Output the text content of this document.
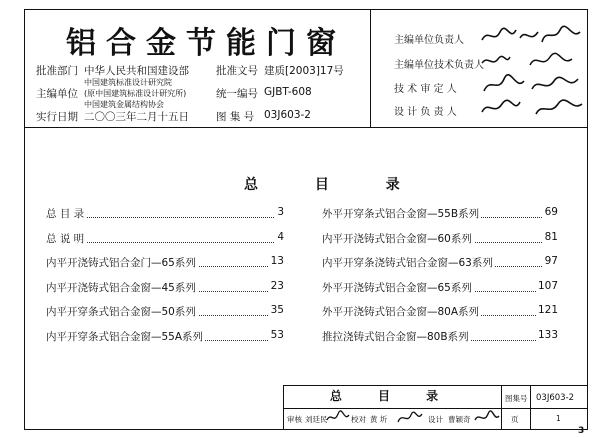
铝合金节能门窗
批准部门 中华人民共和国建设部	批准文号 建质[2003]17号
主编单位
中国建筑标准设计研究院
(原中国建筑标准设计研究所)
中国建筑金属结构协会
统一编号 GJBT-608
实行日期 二〇〇三年二月十五日	图 集 号 03J603-2
主编单位负责人
主编单位技术负责人
技 术 审 定 人
设 计 负 责 人
总 目 录
总 目 录	3
总 说 明	4
内平开浇铸式铝合金门—65系列	13
内平开浇铸式铝合金窗—45系列	23
内平开穿条式铝合金窗—50系列	35
内平开穿条式铝合金窗—55A系列	53
外平开穿条式铝合金窗—55B系列	69
内平开浇铸式铝合金窗—60系列	81
内平开穿条浇铸式铝合金窗—63系列	97
外平开浇铸式铝合金窗—65系列	107
外平开浇铸式铝合金窗—80A系列	121
推拉浇铸式铝合金窗—80B系列	133
总 目 录	图集号 03J603-2
审核 刘廷民	校对 黄 圻	设计 曹颖奇	页	1
3
